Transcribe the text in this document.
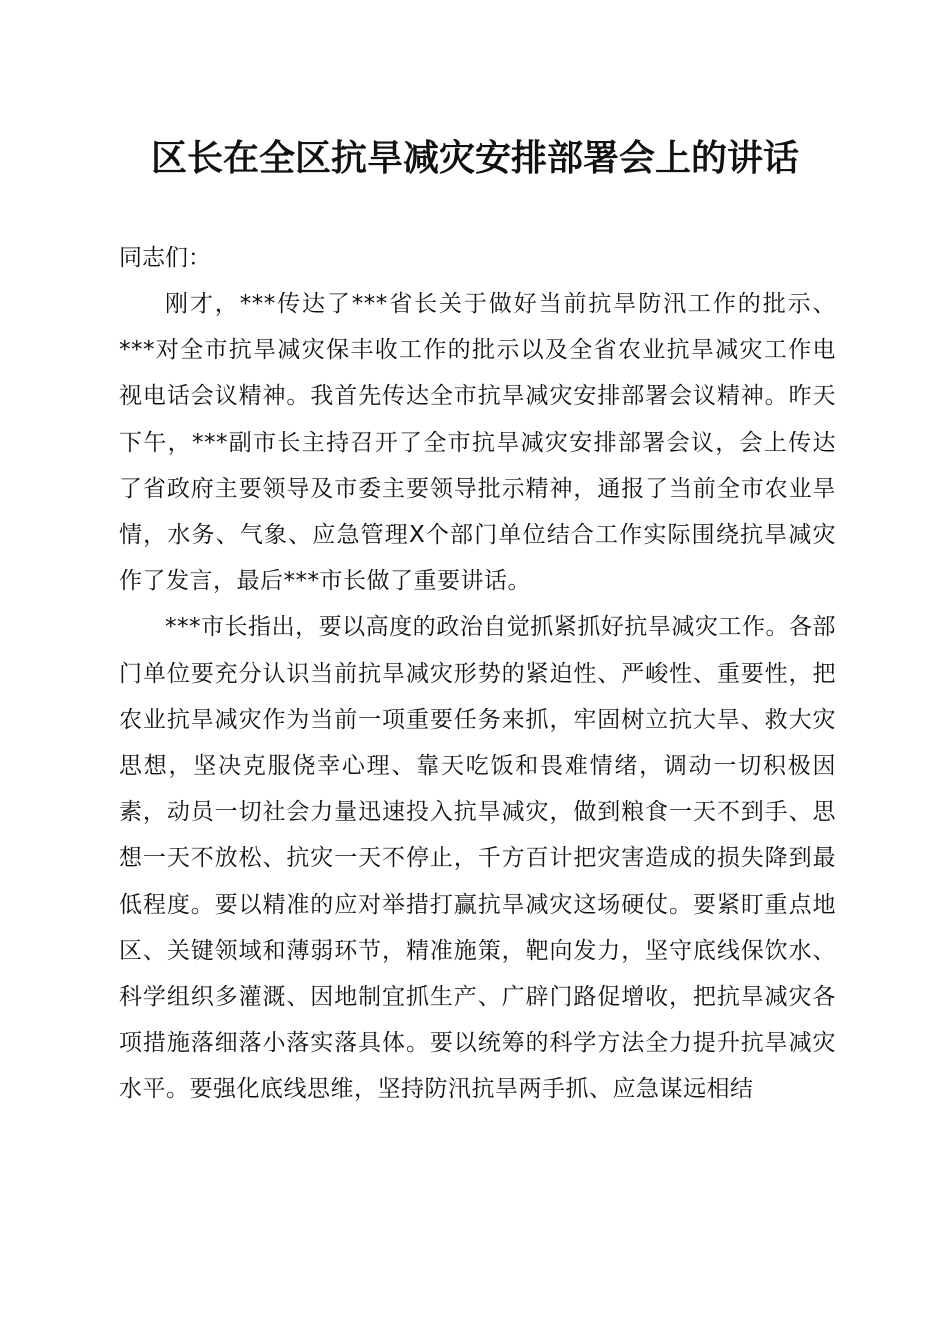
区长在全区抗旱减灾安排部署会上的讲话

同志们：

刚才，***传达了***省长关于做好当前抗旱防汛工作的批示、***对全市抗旱减灾保丰收工作的批示以及全省农业抗旱减灾工作电视电话会议精神。我首先传达全市抗旱减灾安排部署会议精神。昨天下午，***副市长主持召开了全市抗旱减灾安排部署会议，会上传达了省政府主要领导及市委主要领导批示精神，通报了当前全市农业旱情，水务、气象、应急管理X个部门单位结合工作实际围绕抗旱减灾作了发言，最后***市长做了重要讲话。

***市长指出，要以高度的政治自觉抓紧抓好抗旱减灾工作。各部门单位要充分认识当前抗旱减灾形势的紧迫性、严峻性、重要性，把农业抗旱减灾作为当前一项重要任务来抓，牢固树立抗大旱、救大灾思想，坚决克服侥幸心理、靠天吃饭和畏难情绪，调动一切积极因素，动员一切社会力量迅速投入抗旱减灾，做到粮食一天不到手、思想一天不放松、抗灾一天不停止，千方百计把灾害造成的损失降到最低程度。要以精准的应对举措打赢抗旱减灾这场硬仗。要紧盯重点地区、关键领域和薄弱环节，精准施策，靶向发力，坚守底线保饮水、科学组织多灌溉、因地制宜抓生产、广辟门路促增收，把抗旱减灾各项措施落细落小落实落具体。要以统筹的科学方法全力提升抗旱减灾水平。要强化底线思维，坚持防汛抗旱两手抓、应急谋远相结
